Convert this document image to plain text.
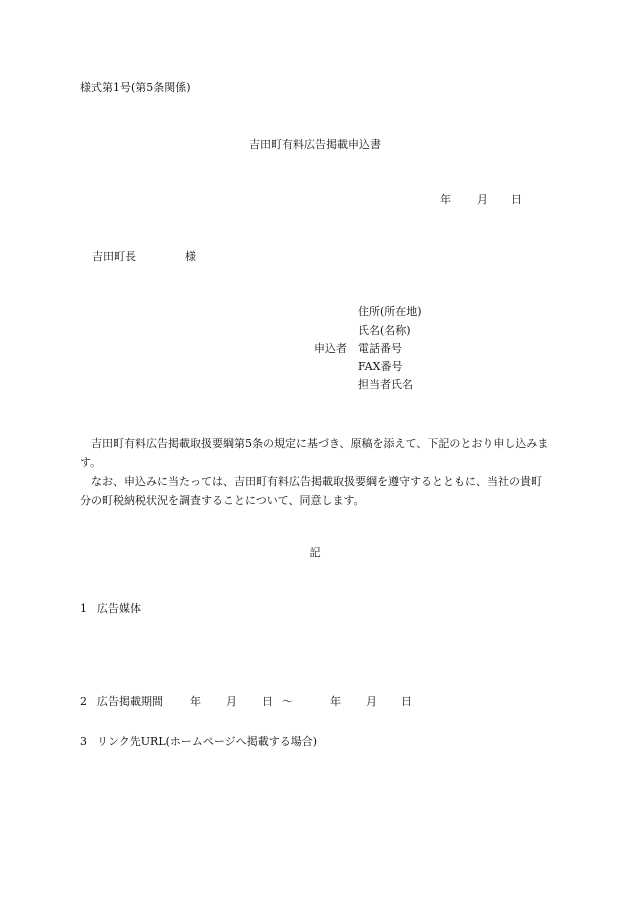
様式第1号(第5条関係)
吉田町有料広告掲載申込書
年 月 日
吉田町長	様
申込者
住所(所在地)
氏名(名称)
電話番号
FAX番号
担当者氏名

吉田町有料広告掲載取扱要綱第5条の規定に基づき、原稿を添えて、下記のとおり申し込みます。

なお、申込みに当たっては、吉田町有料広告掲載取扱要綱を遵守するとともに、当社の貴町分の町税納税状況を調査することについて、同意します。

記
1 広告媒体
2 広告掲載期間 年 月 日 ～	年 月 日
3 リンク先URL(ホームページへ掲載する場合)
